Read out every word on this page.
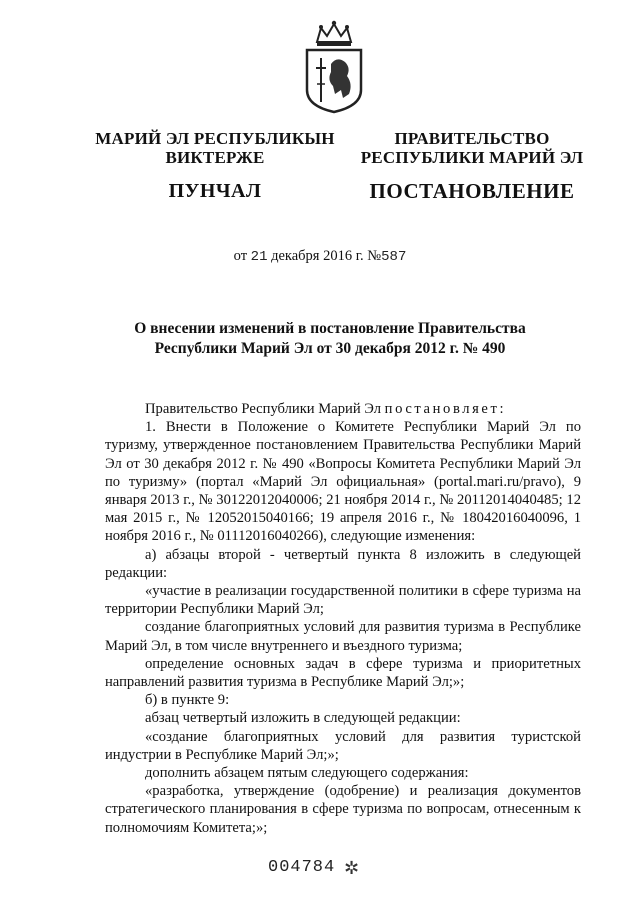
МАРИЙ ЭЛ РЕСПУБЛИКЫН
ВИКТЕРЖЕ
ПУНЧАЛ
ПРАВИТЕЛЬСТВО
РЕСПУБЛИКИ МАРИЙ ЭЛ
ПОСТАНОВЛЕНИЕ
от 21 декабря 2016 г. №587
О внесении изменений в постановление Правительства
Республики Марий Эл от 30 декабря 2012 г. № 490

Правительство Республики Марий Эл постановляет:

1. Внести в Положение о Комитете Республики Марий Эл по туризму, утвержденное постановлением Правительства Республики Марий Эл от 30 декабря 2012 г. № 490 «Вопросы Комитета Республики Марий Эл по туризму» (портал «Марий Эл официальная» (portal.mari.ru/pravo), 9 января 2013 г., № 30122012040006; 21 ноября 2014 г., № 20112014040485; 12 мая 2015 г., № 12052015040166; 19 апреля 2016 г., № 18042016040096, 1 ноября 2016 г., № 01112016040266), следующие изменения:

а) абзацы второй - четвертый пункта 8 изложить в следующей редакции:

«участие в реализации государственной политики в сфере туризма на территории Республики Марий Эл;

создание благоприятных условий для развития туризма в Республике Марий Эл, в том числе внутреннего и въездного туризма;

определение основных задач в сфере туризма и приоритетных направлений развития туризма в Республике Марий Эл;»;

б) в пункте 9:

абзац четвертый изложить в следующей редакции:

«создание благоприятных условий для развития туристской индустрии в Республике Марий Эл;»;

дополнить абзацем пятым следующего содержания:

«разработка, утверждение (одобрение) и реализация документов стратегического планирования в сфере туризма по вопросам, отнесенным к полномочиям Комитета;»;

004784 ✲
